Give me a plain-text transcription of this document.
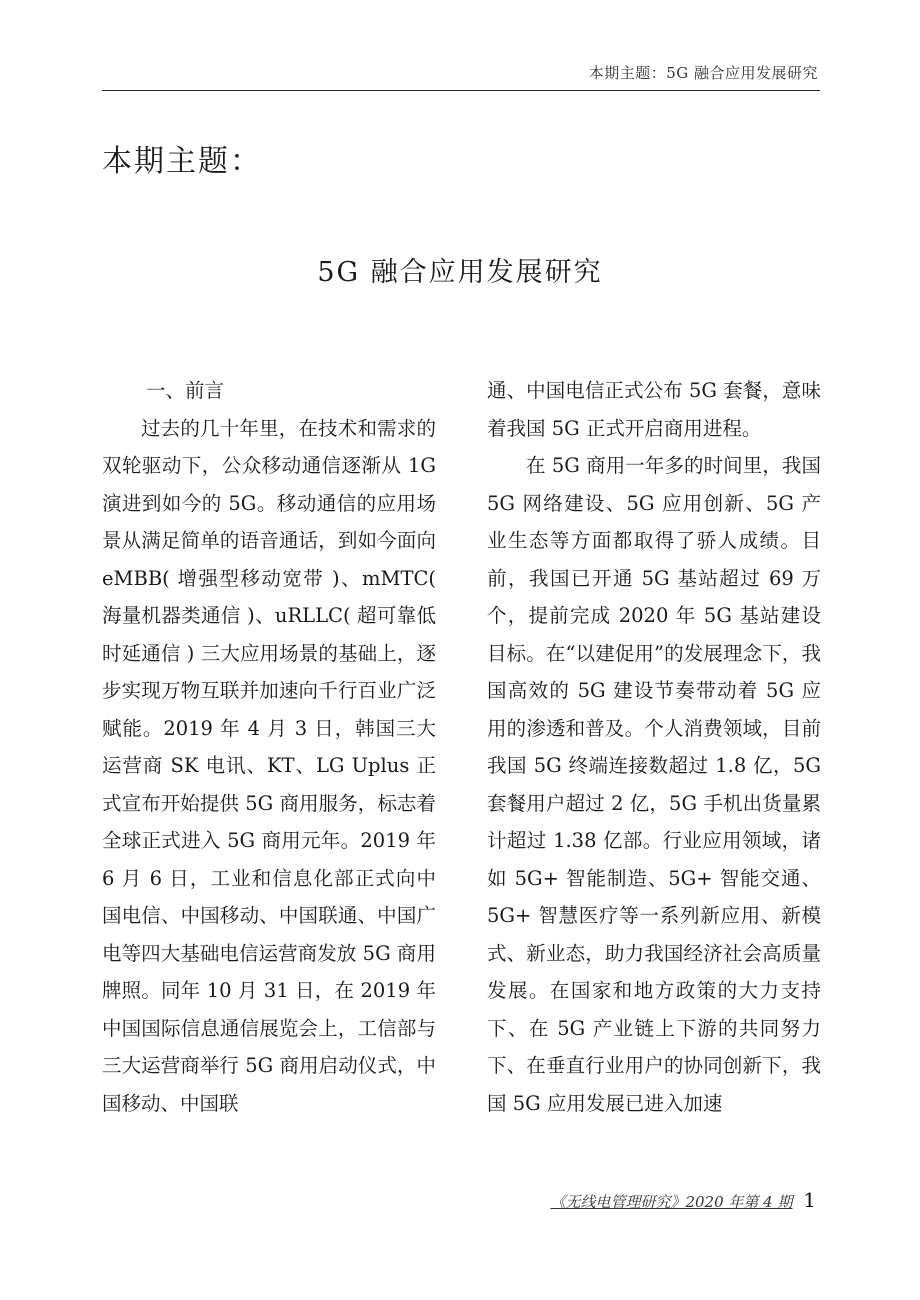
本期主题：5G 融合应用发展研究
本期主题：
5G 融合应用发展研究

一、前言

过去的几十年里，在技术和需求的双轮驱动下，公众移动通信逐渐从 1G 演进到如今的 5G。移动通信的应用场景从满足简单的语音通话，到如今面向 eMBB( 增强型移动宽带 )、mMTC( 海量机器类通信 )、uRLLC( 超可靠低时延通信 ) 三大应用场景的基础上，逐步实现万物互联并加速向千行百业广泛赋能。2019 年 4 月 3 日，韩国三大运营商 SK 电讯、KT、LG Uplus 正式宣布开始提供 5G 商用服务，标志着全球正式进入 5G 商用元年。2019 年 6 月 6 日，工业和信息化部正式向中国电信、中国移动、中国联通、中国广电等四大基础电信运营商发放 5G 商用牌照。同年 10 月 31 日，在 2019 年中国国际信息通信展览会上，工信部与三大运营商举行 5G 商用启动仪式，中国移动、中国联

通、中国电信正式公布 5G 套餐，意味着我国 5G 正式开启商用进程。

在 5G 商用一年多的时间里，我国 5G 网络建设、5G 应用创新、5G 产业生态等方面都取得了骄人成绩。目前，我国已开通 5G 基站超过 69 万个，提前完成 2020 年 5G 基站建设目标。在“以建促用”的发展理念下，我国高效的 5G 建设节奏带动着 5G 应用的渗透和普及。个人消费领域，目前我国 5G 终端连接数超过 1.8 亿，5G 套餐用户超过 2 亿，5G 手机出货量累计超过 1.38 亿部。行业应用领域，诸如 5G+ 智能制造、5G+ 智能交通、5G+ 智慧医疗等一系列新应用、新模式、新业态，助力我国经济社会高质量发展。在国家和地方政策的大力支持下、在 5G 产业链上下游的共同努力下、在垂直行业用户的协同创新下，我国 5G 应用发展已进入加速

《无线电管理研究》2020 年第 4 期 1
